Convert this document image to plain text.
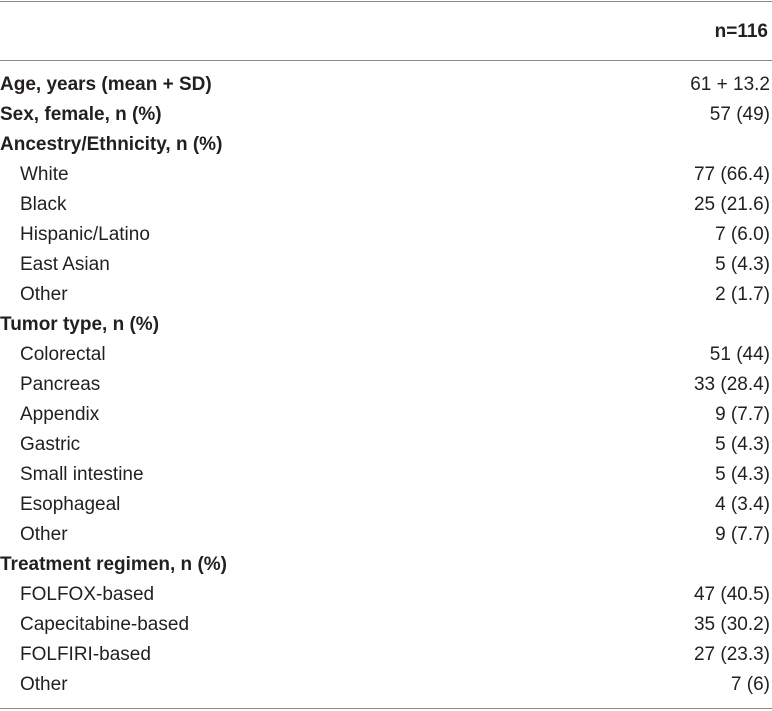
n=116
Age, years (mean + SD)	61 + 13.2
Sex, female, n (%)	57 (49)
Ancestry/Ethnicity, n (%)
White	77 (66.4)
Black	25 (21.6)
Hispanic/Latino	7 (6.0)
East Asian	5 (4.3)
Other	2 (1.7)
Tumor type, n (%)
Colorectal	51 (44)
Pancreas	33 (28.4)
Appendix	9 (7.7)
Gastric	5 (4.3)
Small intestine	5 (4.3)
Esophageal	4 (3.4)
Other	9 (7.7)
Treatment regimen, n (%)
FOLFOX-based	47 (40.5)
Capecitabine-based	35 (30.2)
FOLFIRI-based	27 (23.3)
Other	7 (6)
